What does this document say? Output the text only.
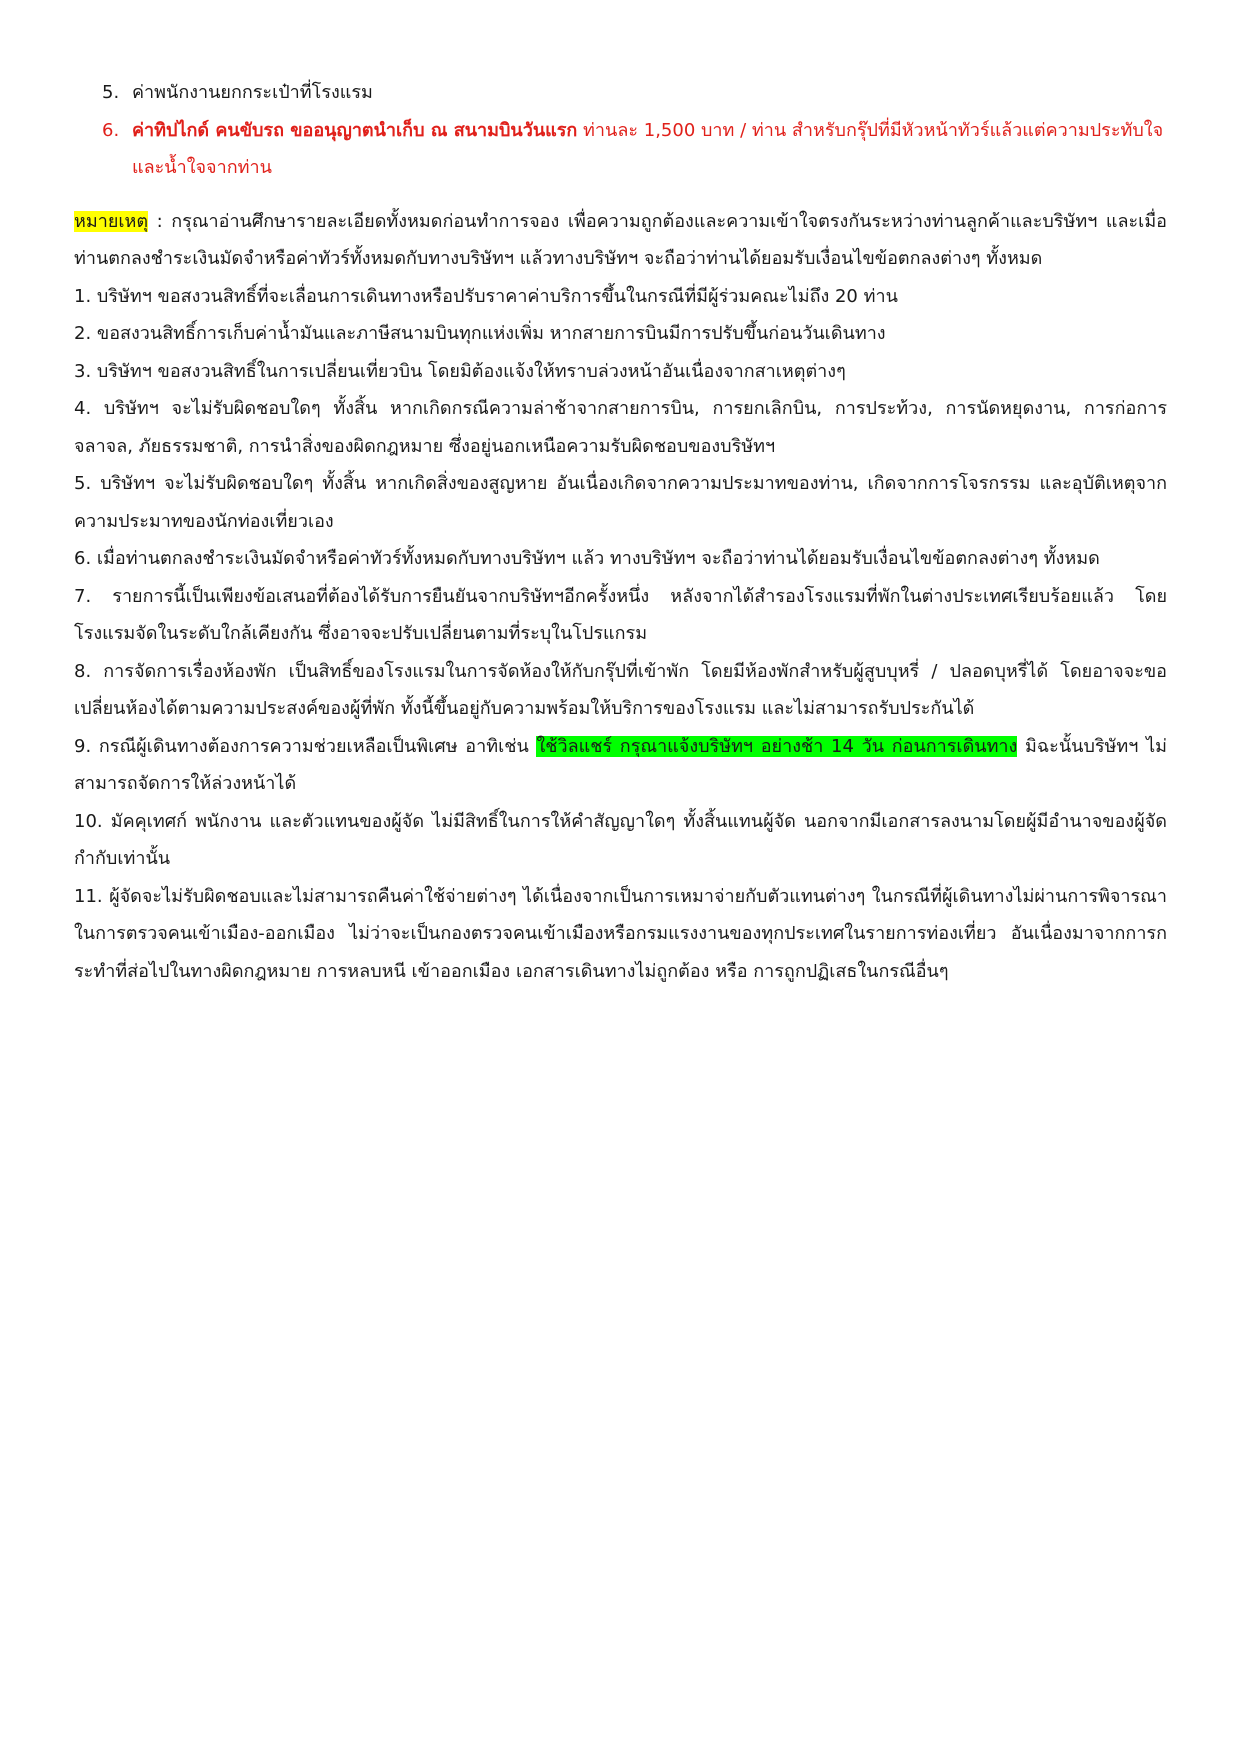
5. ค่าพนักงานยกกระเป๋าที่โรงแรม
6. ค่าทิปไกด์ คนขับรถ ขออนุญาตนำเก็บ ณ สนามบินวันแรก ท่านละ 1,500 บาท / ท่าน สำหรับกรุ๊ปที่มีหัวหน้าทัวร์แล้วแต่ความประทับใจและน้ำใจจากท่าน

หมายเหตุ : กรุณาอ่านศึกษารายละเอียดทั้งหมดก่อนทำการจอง เพื่อความถูกต้องและความเข้าใจตรงกันระหว่างท่านลูกค้าและบริษัทฯ และเมื่อท่านตกลงชำระเงินมัดจำหรือค่าทัวร์ทั้งหมดกับทางบริษัทฯ แล้วทางบริษัทฯ จะถือว่าท่านได้ยอมรับเงื่อนไขข้อตกลงต่างๆ ทั้งหมด

1. บริษัทฯ ขอสงวนสิทธิ์ที่จะเลื่อนการเดินทางหรือปรับราคาค่าบริการขึ้นในกรณีที่มีผู้ร่วมคณะไม่ถึง 20 ท่าน

2. ขอสงวนสิทธิ์การเก็บค่าน้ำมันและภาษีสนามบินทุกแห่งเพิ่ม หากสายการบินมีการปรับขึ้นก่อนวันเดินทาง

3. บริษัทฯ ขอสงวนสิทธิ์ในการเปลี่ยนเที่ยวบิน โดยมิต้องแจ้งให้ทราบล่วงหน้าอันเนื่องจากสาเหตุต่างๆ

4. บริษัทฯ จะไม่รับผิดชอบใดๆ ทั้งสิ้น หากเกิดกรณีความล่าช้าจากสายการบิน, การยกเลิกบิน, การประท้วง, การนัดหยุดงาน, การก่อการจลาจล, ภัยธรรมชาติ, การนำสิ่งของผิดกฎหมาย ซึ่งอยู่นอกเหนือความรับผิดชอบของบริษัทฯ

5. บริษัทฯ จะไม่รับผิดชอบใดๆ ทั้งสิ้น หากเกิดสิ่งของสูญหาย อันเนื่องเกิดจากความประมาทของท่าน, เกิดจากการโจรกรรม และอุบัติเหตุจากความประมาทของนักท่องเที่ยวเอง

6. เมื่อท่านตกลงชำระเงินมัดจำหรือค่าทัวร์ทั้งหมดกับทางบริษัทฯ แล้ว ทางบริษัทฯ จะถือว่าท่านได้ยอมรับเงื่อนไขข้อตกลงต่างๆ ทั้งหมด

7. รายการนี้เป็นเพียงข้อเสนอที่ต้องได้รับการยืนยันจากบริษัทฯอีกครั้งหนึ่ง หลังจากได้สำรองโรงแรมที่พักในต่างประเทศเรียบร้อยแล้ว โดยโรงแรมจัดในระดับใกล้เคียงกัน ซึ่งอาจจะปรับเปลี่ยนตามที่ระบุในโปรแกรม

8. การจัดการเรื่องห้องพัก เป็นสิทธิ์ของโรงแรมในการจัดห้องให้กับกรุ๊ปที่เข้าพัก โดยมีห้องพักสำหรับผู้สูบบุหรี่ / ปลอดบุหรี่ได้ โดยอาจจะขอเปลี่ยนห้องได้ตามความประสงค์ของผู้ที่พัก ทั้งนี้ขึ้นอยู่กับความพร้อมให้บริการของโรงแรม และไม่สามารถรับประกันได้

9. กรณีผู้เดินทางต้องการความช่วยเหลือเป็นพิเศษ อาทิเช่น ใช้วิลแชร์ กรุณาแจ้งบริษัทฯ อย่างช้า 14 วัน ก่อนการเดินทาง มิฉะนั้นบริษัทฯ ไม่สามารถจัดการให้ล่วงหน้าได้

10. มัคคุเทศก์ พนักงาน และตัวแทนของผู้จัด ไม่มีสิทธิ์ในการให้คำสัญญาใดๆ ทั้งสิ้นแทนผู้จัด นอกจากมีเอกสารลงนามโดยผู้มีอำนาจของผู้จัดกำกับเท่านั้น

11. ผู้จัดจะไม่รับผิดชอบและไม่สามารถคืนค่าใช้จ่ายต่างๆ ได้เนื่องจากเป็นการเหมาจ่ายกับตัวแทนต่างๆ ในกรณีที่ผู้เดินทางไม่ผ่านการพิจารณาในการตรวจคนเข้าเมือง-ออกเมือง ไม่ว่าจะเป็นกองตรวจคนเข้าเมืองหรือกรมแรงงานของทุกประเทศในรายการท่องเที่ยว อันเนื่องมาจากการกระทำที่ส่อไปในทางผิดกฎหมาย การหลบหนี เข้าออกเมือง เอกสารเดินทางไม่ถูกต้อง หรือ การถูกปฏิเสธในกรณีอื่นๆ
